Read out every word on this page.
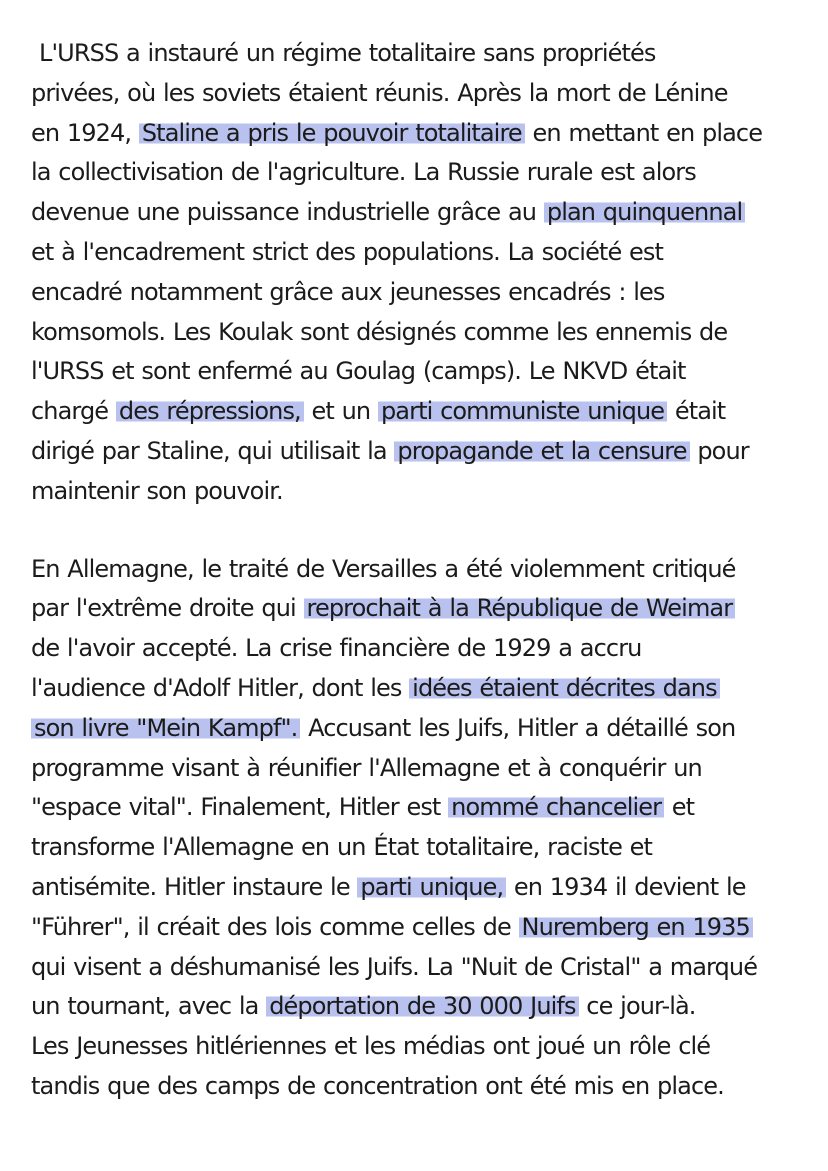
L'URSS a instauré un régime totalitaire sans propriétés
privées, où les soviets étaient réunis. Après la mort de Lénine
en 1924, Staline a pris le pouvoir totalitaire en mettant en place
la collectivisation de l'agriculture. La Russie rurale est alors
devenue une puissance industrielle grâce au plan quinquennal
et à l'encadrement strict des populations. La société est
encadré notamment grâce aux jeunesses encadrés : les
komsomols. Les Koulak sont désignés comme les ennemis de
l'URSS et sont enfermé au Goulag (camps). Le NKVD était
chargé des répressions, et un parti communiste unique était
dirigé par Staline, qui utilisait la propagande et la censure pour
maintenir son pouvoir.
En Allemagne, le traité de Versailles a été violemment critiqué
par l'extrême droite qui reprochait à la République de Weimar
de l'avoir accepté. La crise financière de 1929 a accru
l'audience d'Adolf Hitler, dont les idées étaient décrites dans
son livre "Mein Kampf". Accusant les Juifs, Hitler a détaillé son
programme visant à réunifier l'Allemagne et à conquérir un
"espace vital". Finalement, Hitler est nommé chancelier et
transforme l'Allemagne en un État totalitaire, raciste et
antisémite. Hitler instaure le parti unique, en 1934 il devient le
"Führer", il créait des lois comme celles de Nuremberg en 1935
qui visent a déshumanisé les Juifs. La "Nuit de Cristal" a marqué
un tournant, avec la déportation de 30 000 Juifs ce jour-là.
Les Jeunesses hitlériennes et les médias ont joué un rôle clé
tandis que des camps de concentration ont été mis en place.
